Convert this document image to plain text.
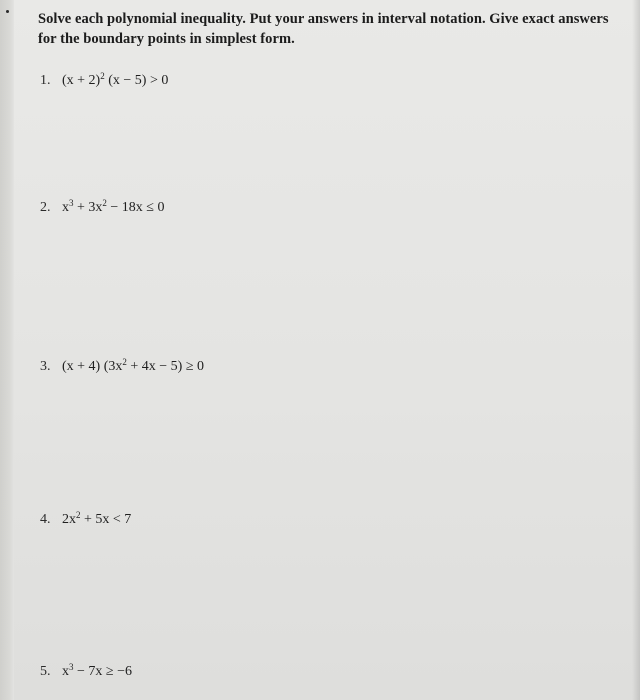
Solve each polynomial inequality. Put your answers in interval notation. Give exact answers for the boundary points in simplest form.

1. $(x + 2)^2$ (x − 5) > 0

2. $x^3 + 3x^2 - 18x \le 0$

3. (x + 4) $(3x^2 + 4x - 5) \ge 0$

4. $2x^2 + 5x < 7$

5. $x^3 - 7x \ge -6$
